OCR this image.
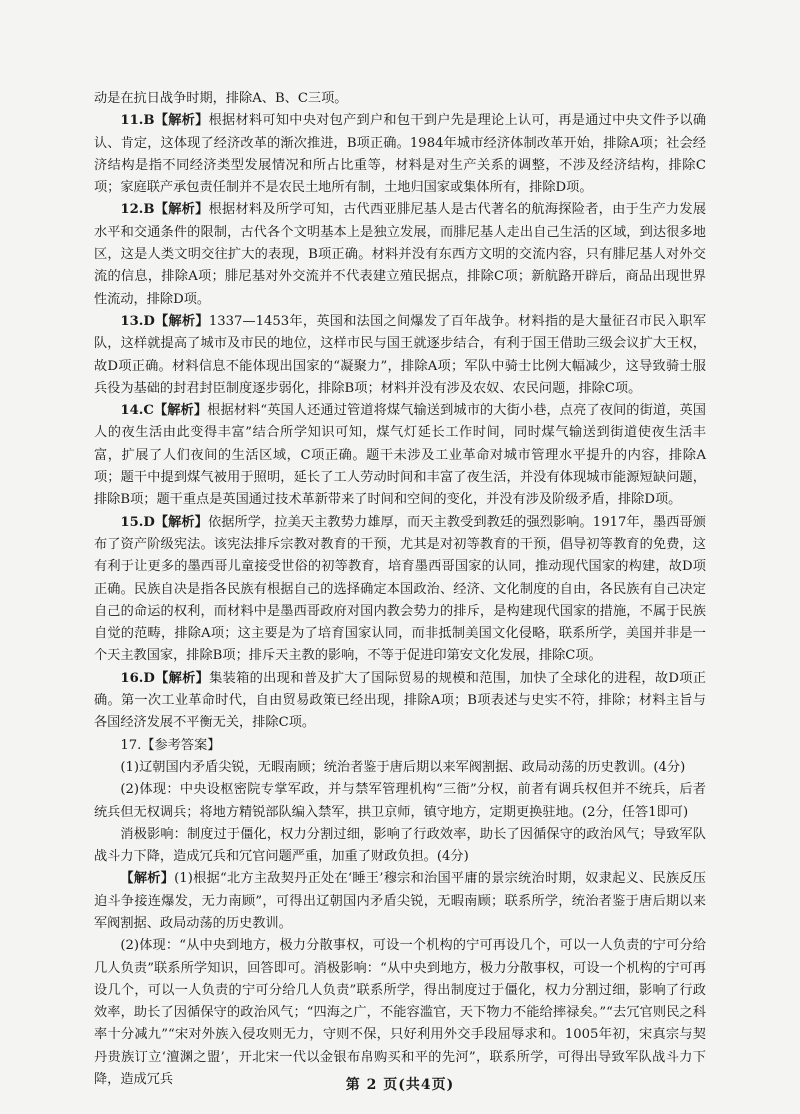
动是在抗日战争时期，排除A、B、C三项。

11.B【解析】根据材料可知中央对包产到户和包干到户先是理论上认可，再是通过中央文件予以确认、肯定，这体现了经济改革的渐次推进，B项正确。1984年城市经济体制改革开始，排除A项；社会经济结构是指不同经济类型发展情况和所占比重等，材料是对生产关系的调整，不涉及经济结构，排除C项；家庭联产承包责任制并不是农民土地所有制，土地归国家或集体所有，排除D项。

12.B【解析】根据材料及所学可知，古代西亚腓尼基人是古代著名的航海探险者，由于生产力发展水平和交通条件的限制，古代各个文明基本上是独立发展，而腓尼基人走出自己生活的区域，到达很多地区，这是人类文明交往扩大的表现，B项正确。材料并没有东西方文明的交流内容，只有腓尼基人对外交流的信息，排除A项；腓尼基对外交流并不代表建立殖民据点，排除C项；新航路开辟后，商品出现世界性流动，排除D项。

13.D【解析】1337—1453年，英国和法国之间爆发了百年战争。材料指的是大量征召市民入职军队，这样就提高了城市及市民的地位，这样市民与国王就逐步结合，有利于国王借助三级会议扩大王权，故D项正确。材料信息不能体现出国家的“凝聚力”，排除A项；军队中骑士比例大幅减少，这导致骑士服兵役为基础的封君封臣制度逐步弱化，排除B项；材料并没有涉及农奴、农民问题，排除C项。

14.C【解析】根据材料“英国人还通过管道将煤气输送到城市的大街小巷，点亮了夜间的街道，英国人的夜生活由此变得丰富”结合所学知识可知，煤气灯延长工作时间，同时煤气输送到街道使夜生活丰富，扩展了人们夜间的生活区域，C项正确。题干未涉及工业革命对城市管理水平提升的内容，排除A项；题干中提到煤气被用于照明，延长了工人劳动时间和丰富了夜生活，并没有体现城市能源短缺问题，排除B项；题干重点是英国通过技术革新带来了时间和空间的变化，并没有涉及阶级矛盾，排除D项。

15.D【解析】依据所学，拉美天主教势力雄厚，而天主教受到教廷的强烈影响。1917年，墨西哥颁布了资产阶级宪法。该宪法排斥宗教对教育的干预，尤其是对初等教育的干预，倡导初等教育的免费，这有利于让更多的墨西哥儿童接受世俗的初等教育，培育墨西哥国家的认同，推动现代国家的构建，故D项正确。民族自决是指各民族有根据自己的选择确定本国政治、经济、文化制度的自由，各民族有自己决定自己的命运的权利，而材料中是墨西哥政府对国内教会势力的排斥，是构建现代国家的措施，不属于民族自觉的范畴，排除A项；这主要是为了培育国家认同，而非抵制美国文化侵略，联系所学，美国并非是一个天主教国家，排除B项；排斥天主教的影响，不等于促进印第安文化发展，排除C项。

16.D【解析】集装箱的出现和普及扩大了国际贸易的规模和范围，加快了全球化的进程，故D项正确。第一次工业革命时代，自由贸易政策已经出现，排除A项；B项表述与史实不符，排除；材料主旨与各国经济发展不平衡无关，排除C项。

17.【参考答案】

(1)辽朝国内矛盾尖锐，无暇南顾；统治者鉴于唐后期以来军阀割据、政局动荡的历史教训。(4分)

(2)体现：中央设枢密院专掌军政，并与禁军管理机构“三衙”分权，前者有调兵权但并不统兵，后者统兵但无权调兵；将地方精锐部队编入禁军，拱卫京师，镇守地方，定期更换驻地。(2分，任答1即可)

消极影响：制度过于僵化，权力分割过细，影响了行政效率，助长了因循保守的政治风气；导致军队战斗力下降，造成冗兵和冗官问题严重，加重了财政负担。(4分)

【解析】(1)根据“北方主敌契丹正处在‘睡王’穆宗和治国平庸的景宗统治时期，奴隶起义、民族反压迫斗争接连爆发，无力南顾”，可得出辽朝国内矛盾尖锐，无暇南顾；联系所学，统治者鉴于唐后期以来军阀割据、政局动荡的历史教训。

(2)体现：“从中央到地方，极力分散事权，可设一个机构的宁可再设几个，可以一人负责的宁可分给几人负责”联系所学知识，回答即可。消极影响：“从中央到地方，极力分散事权，可设一个机构的宁可再设几个，可以一人负责的宁可分给几人负责”联系所学，得出制度过于僵化，权力分割过细，影响了行政效率，助长了因循保守的政治风气；“四海之广，不能容滥官，天下物力不能给摔禄矣。”“去冗官则民之科率十分减九”“宋对外族入侵攻则无力，守则不保，只好利用外交手段屈辱求和。1005年初，宋真宗与契丹贵族订立‘澶渊之盟’，开北宋一代以金银布帛购买和平的先河”，联系所学，可得出导致军队战斗力下降，造成冗兵	第 2 页(共4页)
